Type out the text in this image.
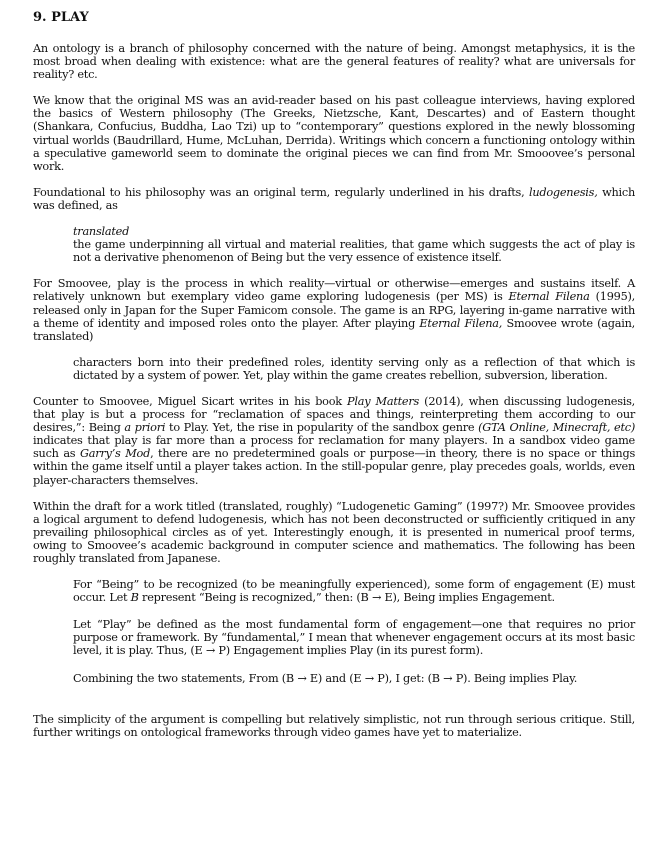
9. PLAY

An ontology is a branch of philosophy concerned with the nature of being. Amongst metaphysics, it is the most broad when dealing with existence: what are the general features of reality? what are universals for reality? etc.

We know that the original MS was an avid-reader based on his past colleague interviews, having explored the basics of Western philosophy (The Greeks, Nietzsche, Kant, Descartes) and of Eastern thought (Shankara, Confucius, Buddha, Lao Tzi) up to “contemporary” questions explored in the newly blossoming virtual worlds (Baudrillard, Hume, McLuhan, Derrida). Writings which concern a functioning ontology within a speculative gameworld seem to dominate the original pieces we can find from Mr. Smooovee’s personal work.

Foundational to his philosophy was an original term, regularly underlined in his drafts, ludogenesis, which was defined, as

translated

the game underpinning all virtual and material realities, that game which suggests the act of play is not a derivative phenomenon of Being but the very essence of existence itself.

For Smoovee, play is the process in which reality—virtual or otherwise—emerges and sustains itself. A relatively unknown but exemplary video game exploring ludogenesis (per MS) is Eternal Filena (1995), released only in Japan for the Super Famicom console. The game is an RPG, layering in-game narrative with a theme of identity and imposed roles onto the player. After playing Eternal Filena, Smoovee wrote (again, translated)

characters born into their predefined roles, identity serving only as a reflection of that which is dictated by a system of power. Yet, play within the game creates rebellion, subversion, liberation.

Counter to Smoovee, Miguel Sicart writes in his book Play Matters (2014), when discussing ludogenesis, that play is but a process for “reclamation of spaces and things, reinterpreting them according to our desires,”: Being a priori to Play. Yet, the rise in popularity of the sandbox genre (GTA Online, Minecraft, etc) indicates that play is far more than a process for reclamation for many players. In a sandbox video game such as Garry’s Mod, there are no predetermined goals or purpose—in theory, there is no space or things within the game itself until a player takes action. In the still-popular genre, play precedes goals, worlds, even player-characters themselves.

Within the draft for a work titled (translated, roughly) “Ludogenetic Gaming” (1997?) Mr. Smoovee provides a logical argument to defend ludogenesis, which has not been deconstructed or sufficiently critiqued in any prevailing philosophical circles as of yet. Interestingly enough, it is presented in numerical proof terms, owing to Smoovee’s academic background in computer science and mathematics. The following has been roughly translated from Japanese.

For “Being” to be recognized (to be meaningfully experienced), some form of engagement (E) must occur. Let B represent “Being is recognized,” then: (B → E), Being implies Engagement.

Let “Play” be defined as the most fundamental form of engagement—one that requires no prior purpose or framework. By “fundamental,” I mean that whenever engagement occurs at its most basic level, it is play. Thus, (E → P) Engagement implies Play (in its purest form).

Combining the two statements, From (B → E) and (E → P), I get: (B → P). Being implies Play.

The simplicity of the argument is compelling but relatively simplistic, not run through serious critique. Still, further writings on ontological frameworks through video games have yet to materialize.
